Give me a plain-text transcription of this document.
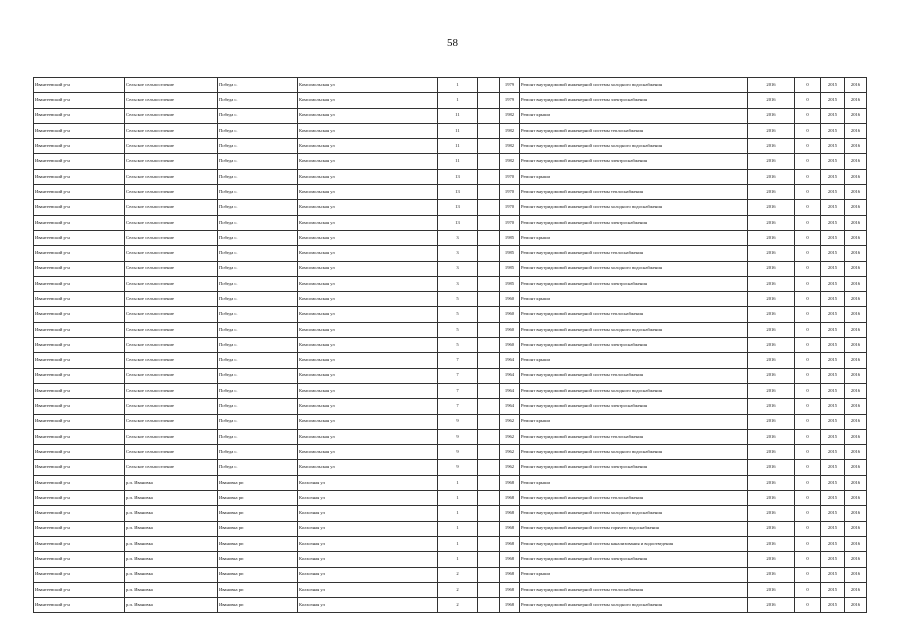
58
Ивантеевский р-н	Сельское сельпоселение	Победа с.	Комсомольская ул	1		1979	Ремонт внутридомовой инженерной системы холодного водоснабжения	2016	0	2015	2016
Ивантеевский р-н	Сельское сельпоселение	Победа с.	Комсомольская ул	1		1979	Ремонт внутридомовой инженерной системы электроснабжения	2016	0	2015	2016
Ивантеевский р-н	Сельское сельпоселение	Победа с.	Комсомольская ул	11		1982	Ремонт крыши	2016	0	2015	2016
Ивантеевский р-н	Сельское сельпоселение	Победа с.	Комсомольская ул	11		1982	Ремонт внутридомовой инженерной системы теплоснабжения	2016	0	2015	2016
Ивантеевский р-н	Сельское сельпоселение	Победа с.	Комсомольская ул	11		1982	Ремонт внутридомовой инженерной системы холодного водоснабжения	2016	0	2015	2016
Ивантеевский р-н	Сельское сельпоселение	Победа с.	Комсомольская ул	11		1982	Ремонт внутридомовой инженерной системы электроснабжения	2016	0	2015	2016
Ивантеевский р-н	Сельское сельпоселение	Победа с.	Комсомольская ул	13		1970	Ремонт крыши	2016	0	2015	2016
Ивантеевский р-н	Сельское сельпоселение	Победа с.	Комсомольская ул	13		1970	Ремонт внутридомовой инженерной системы теплоснабжения	2016	0	2015	2016
Ивантеевский р-н	Сельское сельпоселение	Победа с.	Комсомольская ул	13		1970	Ремонт внутридомовой инженерной системы холодного водоснабжения	2016	0	2015	2016
Ивантеевский р-н	Сельское сельпоселение	Победа с.	Комсомольская ул	13		1970	Ремонт внутридомовой инженерной системы электроснабжения	2016	0	2015	2016
Ивантеевский р-н	Сельское сельпоселение	Победа с.	Комсомольская ул	3		1985	Ремонт крыши	2016	0	2015	2016
Ивантеевский р-н	Сельское сельпоселение	Победа с.	Комсомольская ул	3		1985	Ремонт внутридомовой инженерной системы теплоснабжения	2016	0	2015	2016
Ивантеевский р-н	Сельское сельпоселение	Победа с.	Комсомольская ул	3		1985	Ремонт внутридомовой инженерной системы холодного водоснабжения	2016	0	2015	2016
Ивантеевский р-н	Сельское сельпоселение	Победа с.	Комсомольская ул	3		1985	Ремонт внутридомовой инженерной системы электроснабжения	2016	0	2015	2016
Ивантеевский р-н	Сельское сельпоселение	Победа с.	Комсомольская ул	5		1960	Ремонт крыши	2016	0	2015	2016
Ивантеевский р-н	Сельское сельпоселение	Победа с.	Комсомольская ул	5		1960	Ремонт внутридомовой инженерной системы теплоснабжения	2016	0	2015	2016
Ивантеевский р-н	Сельское сельпоселение	Победа с.	Комсомольская ул	5		1960	Ремонт внутридомовой инженерной системы холодного водоснабжения	2016	0	2015	2016
Ивантеевский р-н	Сельское сельпоселение	Победа с.	Комсомольская ул	5		1960	Ремонт внутридомовой инженерной системы электроснабжения	2016	0	2015	2016
Ивантеевский р-н	Сельское сельпоселение	Победа с.	Комсомольская ул	7		1964	Ремонт крыши	2016	0	2015	2016
Ивантеевский р-н	Сельское сельпоселение	Победа с.	Комсомольская ул	7		1964	Ремонт внутридомовой инженерной системы теплоснабжения	2016	0	2015	2016
Ивантеевский р-н	Сельское сельпоселение	Победа с.	Комсомольская ул	7		1964	Ремонт внутридомовой инженерной системы холодного водоснабжения	2016	0	2015	2016
Ивантеевский р-н	Сельское сельпоселение	Победа с.	Комсомольская ул	7		1964	Ремонт внутридомовой инженерной системы электроснабжения	2016	0	2015	2016
Ивантеевский р-н	Сельское сельпоселение	Победа с.	Комсомольская ул	9		1962	Ремонт крыши	2016	0	2015	2016
Ивантеевский р-н	Сельское сельпоселение	Победа с.	Комсомольская ул	9		1962	Ремонт внутридомовой инженерной системы теплоснабжения	2016	0	2015	2016
Ивантеевский р-н	Сельское сельпоселение	Победа с.	Комсомольская ул	9		1962	Ремонт внутридомовой инженерной системы холодного водоснабжения	2016	0	2015	2016
Ивантеевский р-н	Сельское сельпоселение	Победа с.	Комсомольская ул	9		1962	Ремонт внутридомовой инженерной системы электроснабжения	2016	0	2015	2016
Ивантеевский р-н	р.п. Ивановка	Ивановка рп	Колхозная ул	1		1968	Ремонт крыши	2016	0	2015	2016
Ивантеевский р-н	р.п. Ивановка	Ивановка рп	Колхозная ул	1		1968	Ремонт внутридомовой инженерной системы теплоснабжения	2016	0	2015	2016
Ивантеевский р-н	р.п. Ивановка	Ивановка рп	Колхозная ул	1		1968	Ремонт внутридомовой инженерной системы холодного водоснабжения	2016	0	2015	2016
Ивантеевский р-н	р.п. Ивановка	Ивановка рп	Колхозная ул	1		1968	Ремонт внутридомовой инженерной системы горячего водоснабжения	2016	0	2015	2016
Ивантеевский р-н	р.п. Ивановка	Ивановка рп	Колхозная ул	1		1968	Ремонт внутридомовой инженерной системы канализования и водоотведения	2016	0	2015	2016
Ивантеевский р-н	р.п. Ивановка	Ивановка рп	Колхозная ул	1		1968	Ремонт внутридомовой инженерной системы электроснабжения	2016	0	2015	2016
Ивантеевский р-н	р.п. Ивановка	Ивановка рп	Колхозная ул	2		1968	Ремонт крыши	2016	0	2015	2016
Ивантеевский р-н	р.п. Ивановка	Ивановка рп	Колхозная ул	2		1968	Ремонт внутридомовой инженерной системы теплоснабжения	2016	0	2015	2016
Ивантеевский р-н	р.п. Ивановка	Ивановка рп	Колхозная ул	2		1968	Ремонт внутридомовой инженерной системы холодного водоснабжения	2016	0	2015	2016
